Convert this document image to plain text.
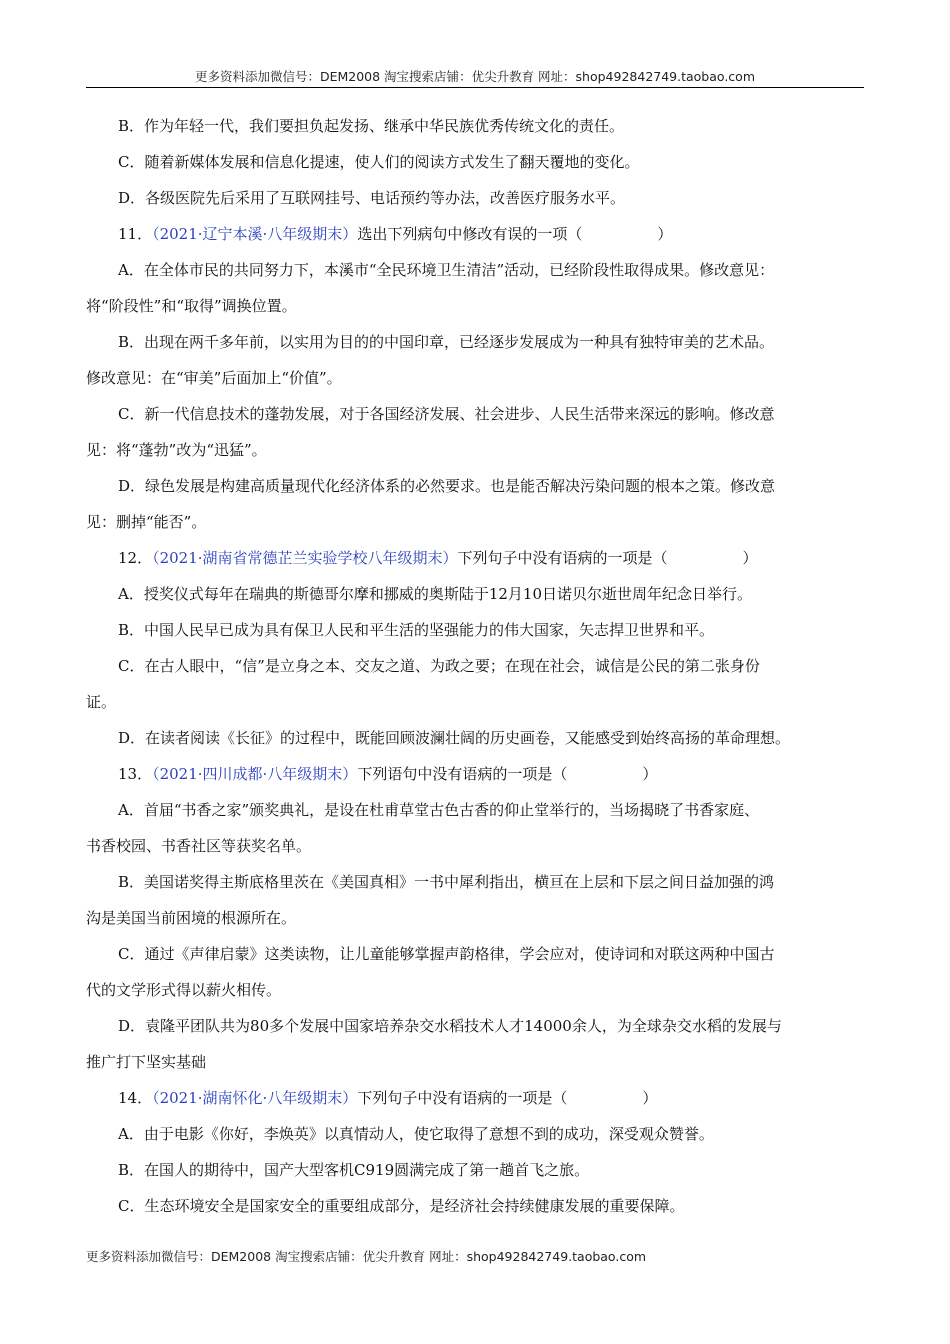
更多资料添加微信号：DEM2008 淘宝搜索店铺：优尖升教育 网址：shop492842749.taobao.com
B．作为年轻一代，我们要担负起发扬、继承中华民族优秀传统文化的责任。
C．随着新媒体发展和信息化提速，使人们的阅读方式发生了翻天覆地的变化。
D．各级医院先后采用了互联网挂号、电话预约等办法，改善医疗服务水平。
11．（2021·辽宁本溪·八年级期末）选出下列病句中修改有误的一项（　　　　　）
A．在全体市民的共同努力下，本溪市“全民环境卫生清洁”活动，已经阶段性取得成果。修改意见：
将“阶段性”和“取得”调换位置。
B．出现在两千多年前，以实用为目的的中国印章，已经逐步发展成为一种具有独特审美的艺术品。
修改意见：在“审美”后面加上“价值”。
C．新一代信息技术的蓬勃发展，对于各国经济发展、社会进步、人民生活带来深远的影响。修改意
见：将“蓬勃”改为“迅猛”。
D．绿色发展是构建高质量现代化经济体系的必然要求。也是能否解决污染问题的根本之策。修改意
见：删掉“能否”。
12．（2021·湖南省常德芷兰实验学校八年级期末）下列句子中没有语病的一项是（　　　　　）
A．授奖仪式每年在瑞典的斯德哥尔摩和挪威的奥斯陆于12月10日诺贝尔逝世周年纪念日举行。
B．中国人民早已成为具有保卫人民和平生活的坚强能力的伟大国家，矢志捍卫世界和平。
C．在古人眼中，“信”是立身之本、交友之道、为政之要；在现在社会，诚信是公民的第二张身份
证。
D．在读者阅读《长征》的过程中，既能回顾波澜壮阔的历史画卷，又能感受到始终高扬的革命理想。
13．（2021·四川成都·八年级期末）下列语句中没有语病的一项是（　　　　　）
A．首届“书香之家”颁奖典礼，是设在杜甫草堂古色古香的仰止堂举行的，当场揭晓了书香家庭、
书香校园、书香社区等获奖名单。
B．美国诺奖得主斯底格里茨在《美国真相》一书中犀利指出，横亘在上层和下层之间日益加强的鸿
沟是美国当前困境的根源所在。
C．通过《声律启蒙》这类读物，让儿童能够掌握声韵格律，学会应对，使诗词和对联这两种中国古
代的文学形式得以薪火相传。
D．袁隆平团队共为80多个发展中国家培养杂交水稻技术人才14000余人，为全球杂交水稻的发展与
推广打下坚实基础
14．（2021·湖南怀化·八年级期末）下列句子中没有语病的一项是（　　　　　）
A．由于电影《你好，李焕英》以真情动人，使它取得了意想不到的成功，深受观众赞誉。
B．在国人的期待中，国产大型客机C919圆满完成了第一趟首飞之旅。
C．生态环境安全是国家安全的重要组成部分，是经济社会持续健康发展的重要保障。
更多资料添加微信号：DEM2008 淘宝搜索店铺：优尖升教育 网址：shop492842749.taobao.com
